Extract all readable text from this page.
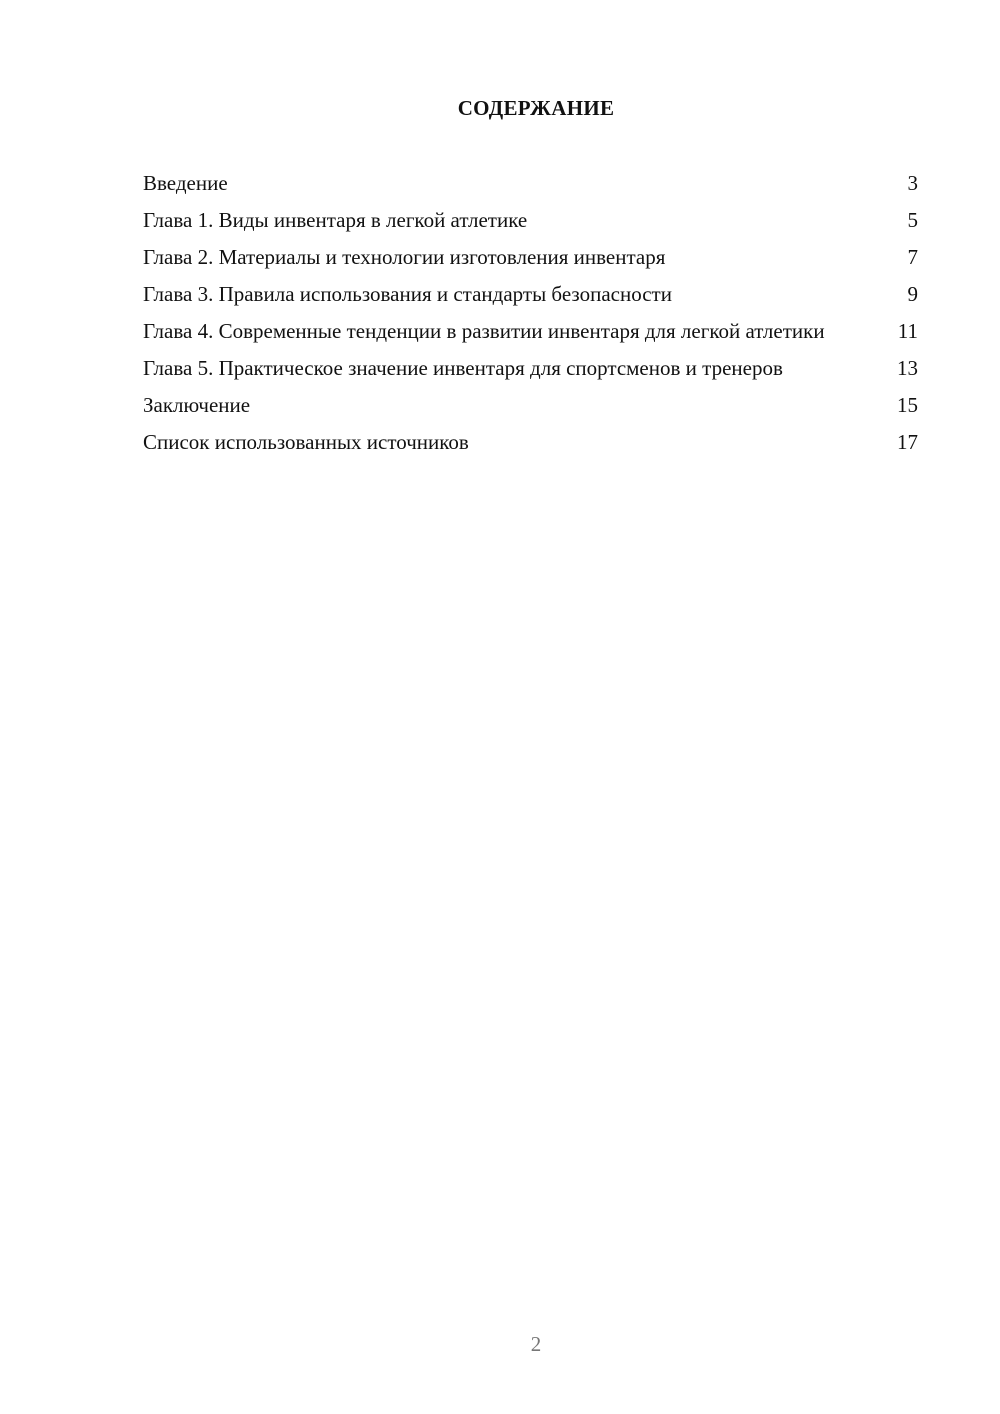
СОДЕРЖАНИЕ
Введение	3
Глава 1. Виды инвентаря в легкой атлетике	5
Глава 2. Материалы и технологии изготовления инвентаря	7
Глава 3. Правила использования и стандарты безопасности	9
Глава 4. Современные тенденции в развитии инвентаря для легкой атлетики	11
Глава 5. Практическое значение инвентаря для спортсменов и тренеров	13
Заключение	15
Список использованных источников	17
2
